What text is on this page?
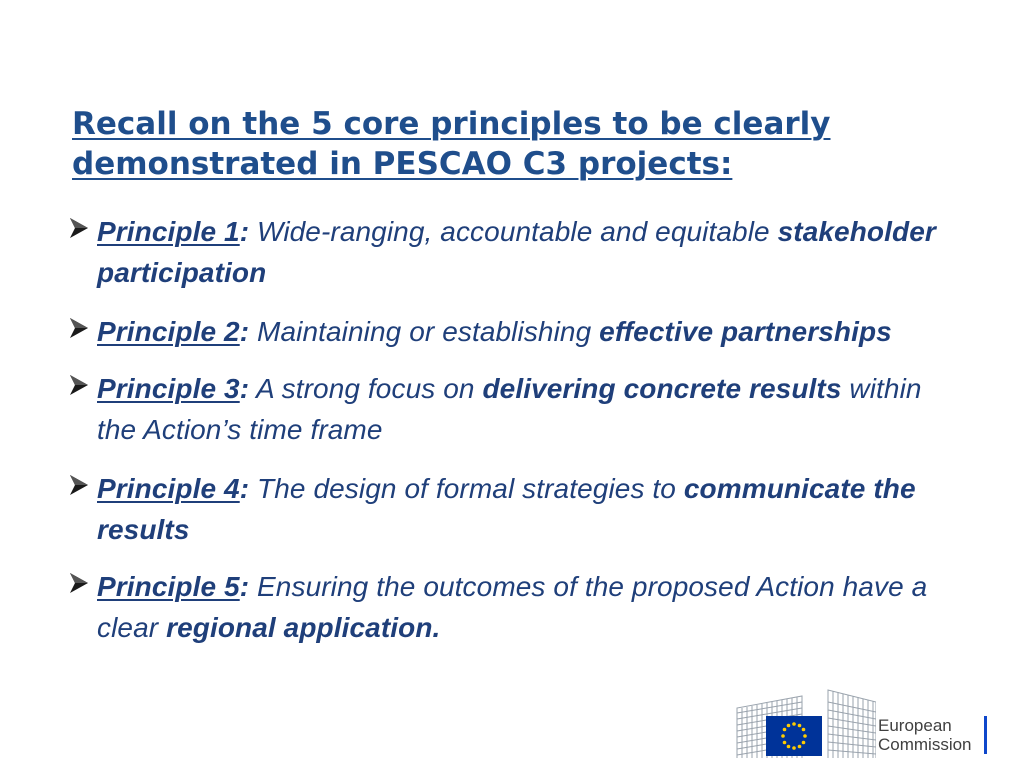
Recall on the 5 core principles to be clearly demonstrated in PESCAO C3 projects:

Principle 1: Wide-ranging, accountable and equitable stakeholder participation

Principle 2: Maintaining or establishing effective partnerships

Principle 3: A strong focus on delivering concrete results within the Action’s time frame

Principle 4: The design of formal strategies to communicate the results

Principle 5: Ensuring the outcomes of the proposed Action have a clear regional application.

European
Commission
